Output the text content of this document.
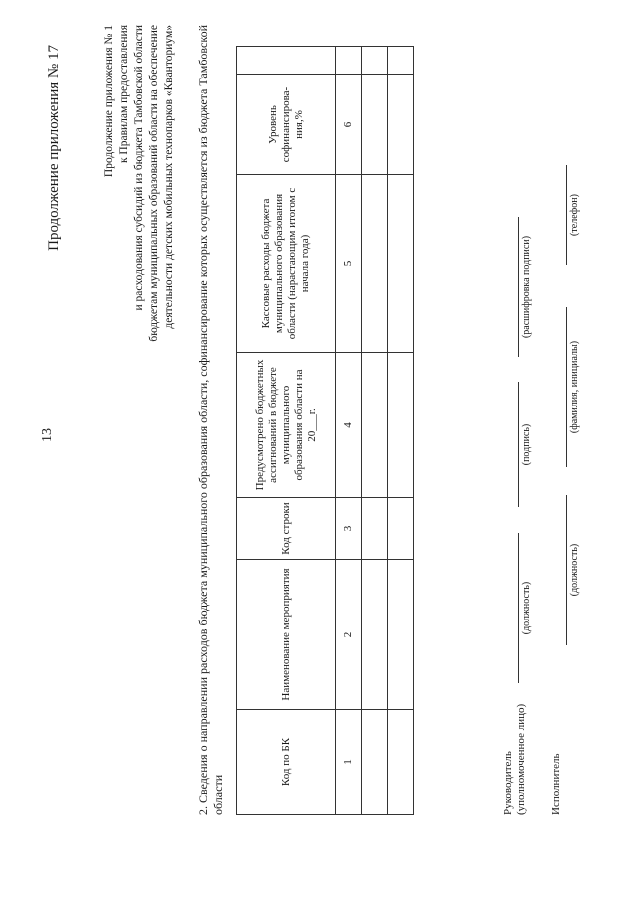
13
Продолжение приложения № 17	Продолжение приложения № 1 к Правилам предоставления и расходования субсидий из бюджета Тамбовской области бюджетам муниципальных образований области на обеспечение деятельности детских мобильных технопарков «Кванториум» 2. Сведения о направлении расходов бюджета муниципального образования области, софинансирование которых осуществляется из бюджета Тамбовской области
Код по БК	Наименование мероприятия	Код строки	Предусмотрено бюджетных ассигнований в бюджете муниципального образования области на 20___г.	Кассовые расходы бюджета муниципального образования области (нарастающим итогом с начала года)	Уровень софинансирова-ния,%	
1	2	3	4	5	6	

Руководитель (уполномоченное лицо)
(должность)
(подпись)
(расшифровка подписи)
Исполнитель
(должность)
(фамилия, инициалы)
(телефон)
